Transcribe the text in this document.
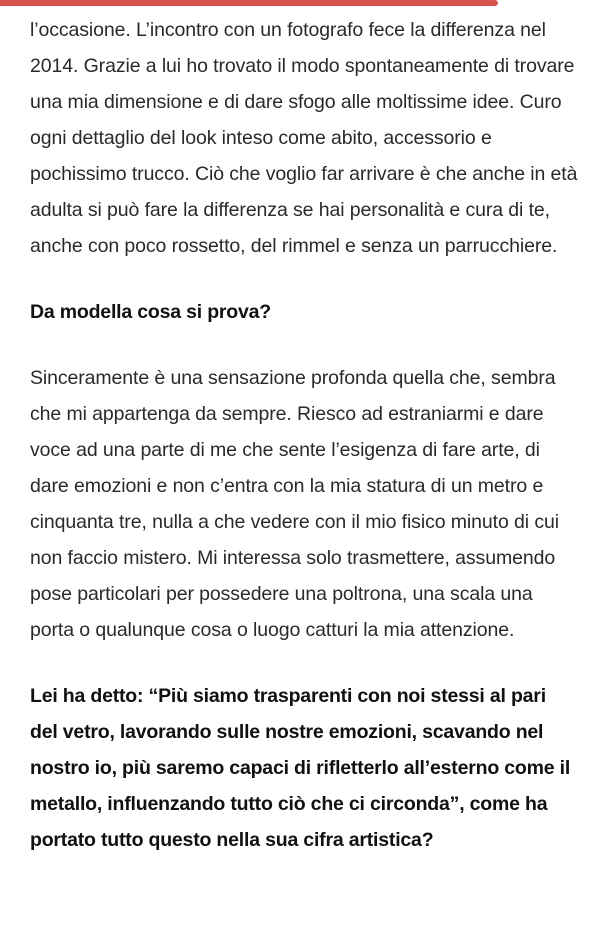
l’occasione. L’incontro con un fotografo fece la differenza nel 2014. Grazie a lui ho trovato il modo spontaneamente di trovare una mia dimensione e di dare sfogo alle moltissime idee. Curo ogni dettaglio del look inteso come abito, accessorio e pochissimo trucco. Ciò che voglio far arrivare è che anche in età adulta si può fare la differenza se hai personalità e cura di te, anche con poco rossetto, del rimmel e senza un parrucchiere.

Da modella cosa si prova?

Sinceramente è una sensazione profonda quella che, sembra che mi appartenga da sempre. Riesco ad estraniarmi e dare voce ad una parte di me che sente l’esigenza di fare arte, di dare emozioni e non c’entra con la mia statura di un metro e cinquanta tre, nulla a che vedere con il mio fisico minuto di cui non faccio mistero. Mi interessa solo trasmettere, assumendo pose particolari per possedere una poltrona, una scala una porta o qualunque cosa o luogo catturi la mia attenzione.

Lei ha detto: “Più siamo trasparenti con noi stessi al pari del vetro, lavorando sulle nostre emozioni, scavando nel nostro io, più saremo capaci di rifletterlo all’esterno come il metallo, influenzando tutto ciò che ci circonda”, come ha portato tutto questo nella sua cifra artistica?
